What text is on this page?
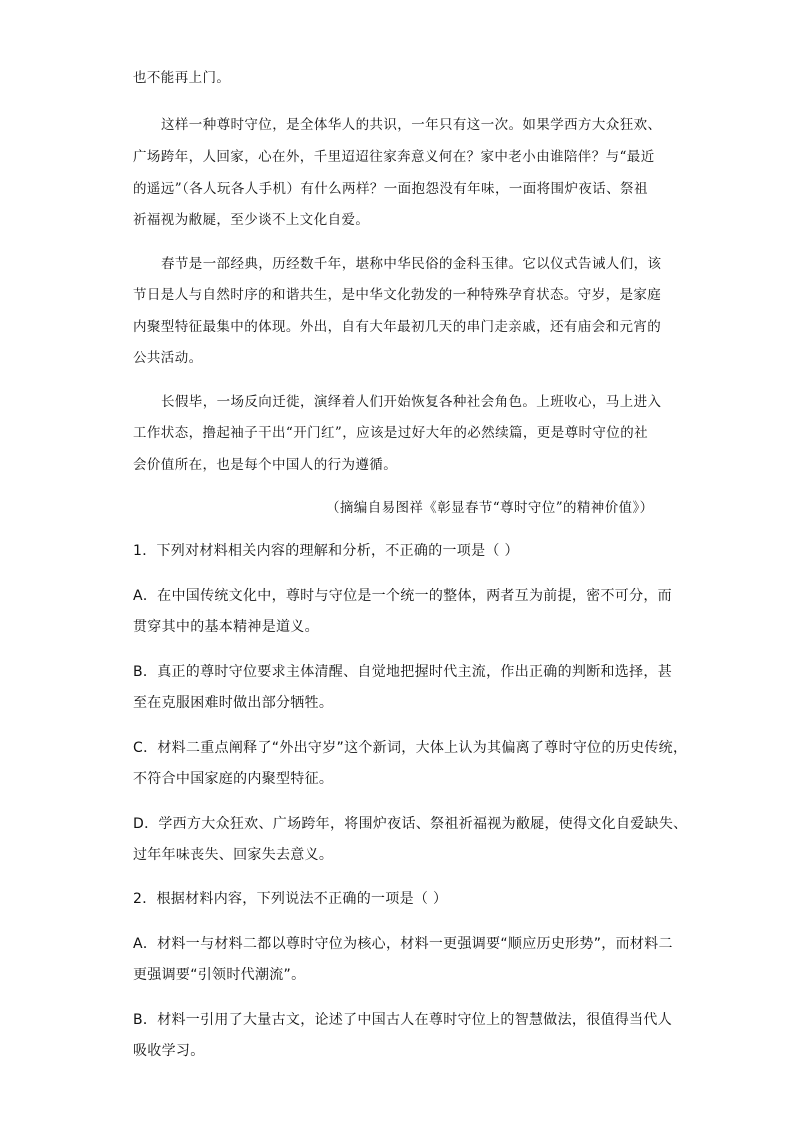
也不能再上门。
这样一种尊时守位，是全体华人的共识，一年只有这一次。如果学西方大众狂欢、
广场跨年，人回家，心在外，千里迢迢往家奔意义何在？家中老小由谁陪伴？与“最近
的遥远”（各人玩各人手机）有什么两样？一面抱怨没有年味，一面将围炉夜话、祭祖
祈福视为敝屣，至少谈不上文化自爱。
春节是一部经典，历经数千年，堪称中华民俗的金科玉律。它以仪式告诫人们，该
节日是人与自然时序的和谐共生，是中华文化勃发的一种特殊孕育状态。守岁，是家庭
内聚型特征最集中的体现。外出，自有大年最初几天的串门走亲戚，还有庙会和元宵的
公共活动。
长假毕，一场反向迁徙，演绎着人们开始恢复各种社会角色。上班收心，马上进入
工作状态，撸起袖子干出“开门红”，应该是过好大年的必然续篇，更是尊时守位的社
会价值所在，也是每个中国人的行为遵循。
（摘编自易图祥《彰显春节“尊时守位”的精神价值》）
1．下列对材料相关内容的理解和分析，不正确的一项是（ ）
A．在中国传统文化中，尊时与守位是一个统一的整体，两者互为前提，密不可分，而
贯穿其中的基本精神是道义。
B．真正的尊时守位要求主体清醒、自觉地把握时代主流，作出正确的判断和选择，甚
至在克服困难时做出部分牺牲。
C．材料二重点阐释了“外出守岁”这个新词，大体上认为其偏离了尊时守位的历史传统，
不符合中国家庭的内聚型特征。
D．学西方大众狂欢、广场跨年，将围炉夜话、祭祖祈福视为敝屣，使得文化自爱缺失、
过年年味丧失、回家失去意义。
2．根据材料内容，下列说法不正确的一项是（ ）
A．材料一与材料二都以尊时守位为核心，材料一更强调要“顺应历史形势”，而材料二
更强调要“引领时代潮流”。
B．材料一引用了大量古文，论述了中国古人在尊时守位上的智慧做法，很值得当代人
吸收学习。
